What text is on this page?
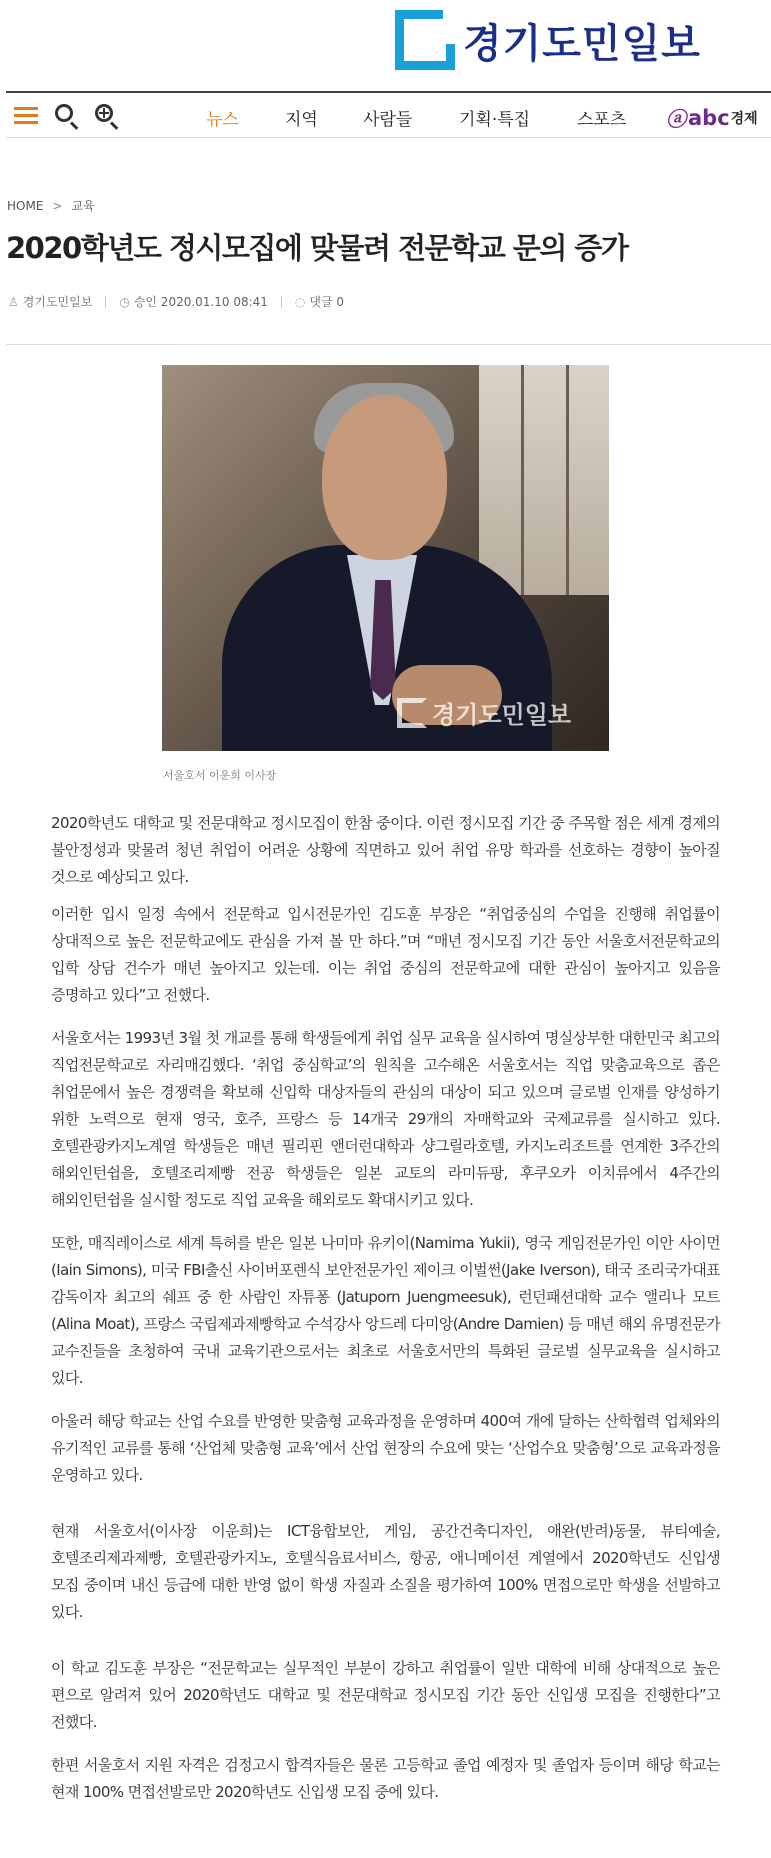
경기도민일보
뉴스	지역	사람들	기획·특집	스포츠 ⓐ abc 경제
HOME > 교육
2020학년도 정시모집에 맞물려 전문학교 문의 증가
♙ 경기도민일보 ◷ 승인 2020.01.10 08:41 ◌ 댓글 0
경기도민일보
서울호서 이운희 이사장

2020학년도 대학교 및 전문대학교 정시모집이 한참 중이다. 이런 정시모집 기간 중 주목할 점은 세계 경제의 불안정성과 맞물려 청년 취업이 어려운 상황에 직면하고 있어 취업 유망 학과를 선호하는 경향이 높아질 것으로 예상되고 있다.

이러한 입시 일정 속에서 전문학교 입시전문가인 김도훈 부장은 “취업중심의 수업을 진행해 취업률이 상대적으로 높은 전문학교에도 관심을 가져 볼 만 하다.”며 “매년 정시모집 기간 동안 서울호서전문학교의 입학 상담 건수가 매년 높아지고 있는데. 이는 취업 중심의 전문학교에 대한 관심이 높아지고 있음을 증명하고 있다”고 전했다.

서울호서는 1993년 3월 첫 개교를 통해 학생들에게 취업 실무 교육을 실시하여 명실상부한 대한민국 최고의 직업전문학교로 자리매김했다. ‘취업 중심학교’의 원칙을 고수해온 서울호서는 직업 맞춤교육으로 좁은 취업문에서 높은 경쟁력을 확보해 신입학 대상자들의 관심의 대상이 되고 있으며 글로벌 인재를 양성하기 위한 노력으로 현재 영국, 호주, 프랑스 등 14개국 29개의 자매학교와 국제교류를 실시하고 있다. 호텔관광카지노계열 학생들은 매년 필리핀 앤더런대학과 샹그릴라호텔, 카지노리조트를 연계한 3주간의 해외인턴쉽을, 호텔조리제빵 전공 학생들은 일본 교토의 라미듀팡, 후쿠오카 이치류에서 4주간의 해외인턴쉽을 실시할 정도로 직업 교육을 해외로도 확대시키고 있다.

또한, 매직레이스로 세계 특허를 받은 일본 나미마 유키이(Namima Yukii), 영국 게임전문가인 이안 사이먼(Iain Simons), 미국 FBI출신 사이버포렌식 보안전문가인 제이크 이벌썬(Jake Iverson), 태국 조리국가대표 감독이자 최고의 쉐프 중 한 사람인 자튜퐁 (Jatuporn Juengmeesuk), 런던패션대학 교수 앨리나 모트(Alina Moat), 프랑스 국립제과제빵학교 수석강사 앙드레 다미앙(Andre Damien) 등 매년 해외 유명전문가 교수진들을 초청하여 국내 교육기관으로서는 최초로 서울호서만의 특화된 글로벌 실무교육을 실시하고 있다.

아울러 해당 학교는 산업 수요를 반영한 맞춤형 교육과정을 운영하며 400여 개에 달하는 산학협력 업체와의 유기적인 교류를 통해 ‘산업체 맞춤형 교육’에서 산업 현장의 수요에 맞는 ‘산업수요 맞춤형’으로 교육과정을 운영하고 있다.

현재 서울호서(이사장 이운희)는 ICT융합보안, 게임, 공간건축디자인, 애완(반려)동물, 뷰티예술, 호텔조리제과제빵, 호텔관광카지노, 호텔식음료서비스, 항공, 애니메이션 계열에서 2020학년도 신입생 모집 중이며 내신 등급에 대한 반영 없이 학생 자질과 소질을 평가하여 100% 면접으로만 학생을 선발하고 있다.

이 학교 김도훈 부장은 “전문학교는 실무적인 부분이 강하고 취업률이 일반 대학에 비해 상대적으로 높은 편으로 알려져 있어 2020학년도 대학교 및 전문대학교 정시모집 기간 동안 신입생 모집을 진행한다”고 전했다.

한편 서울호서 지원 자격은 검정고시 합격자들은 물론 고등학교 졸업 예정자 및 졸업자 등이며 해당 학교는 현재 100% 면접선발로만 2020학년도 신입생 모집 중에 있다.
